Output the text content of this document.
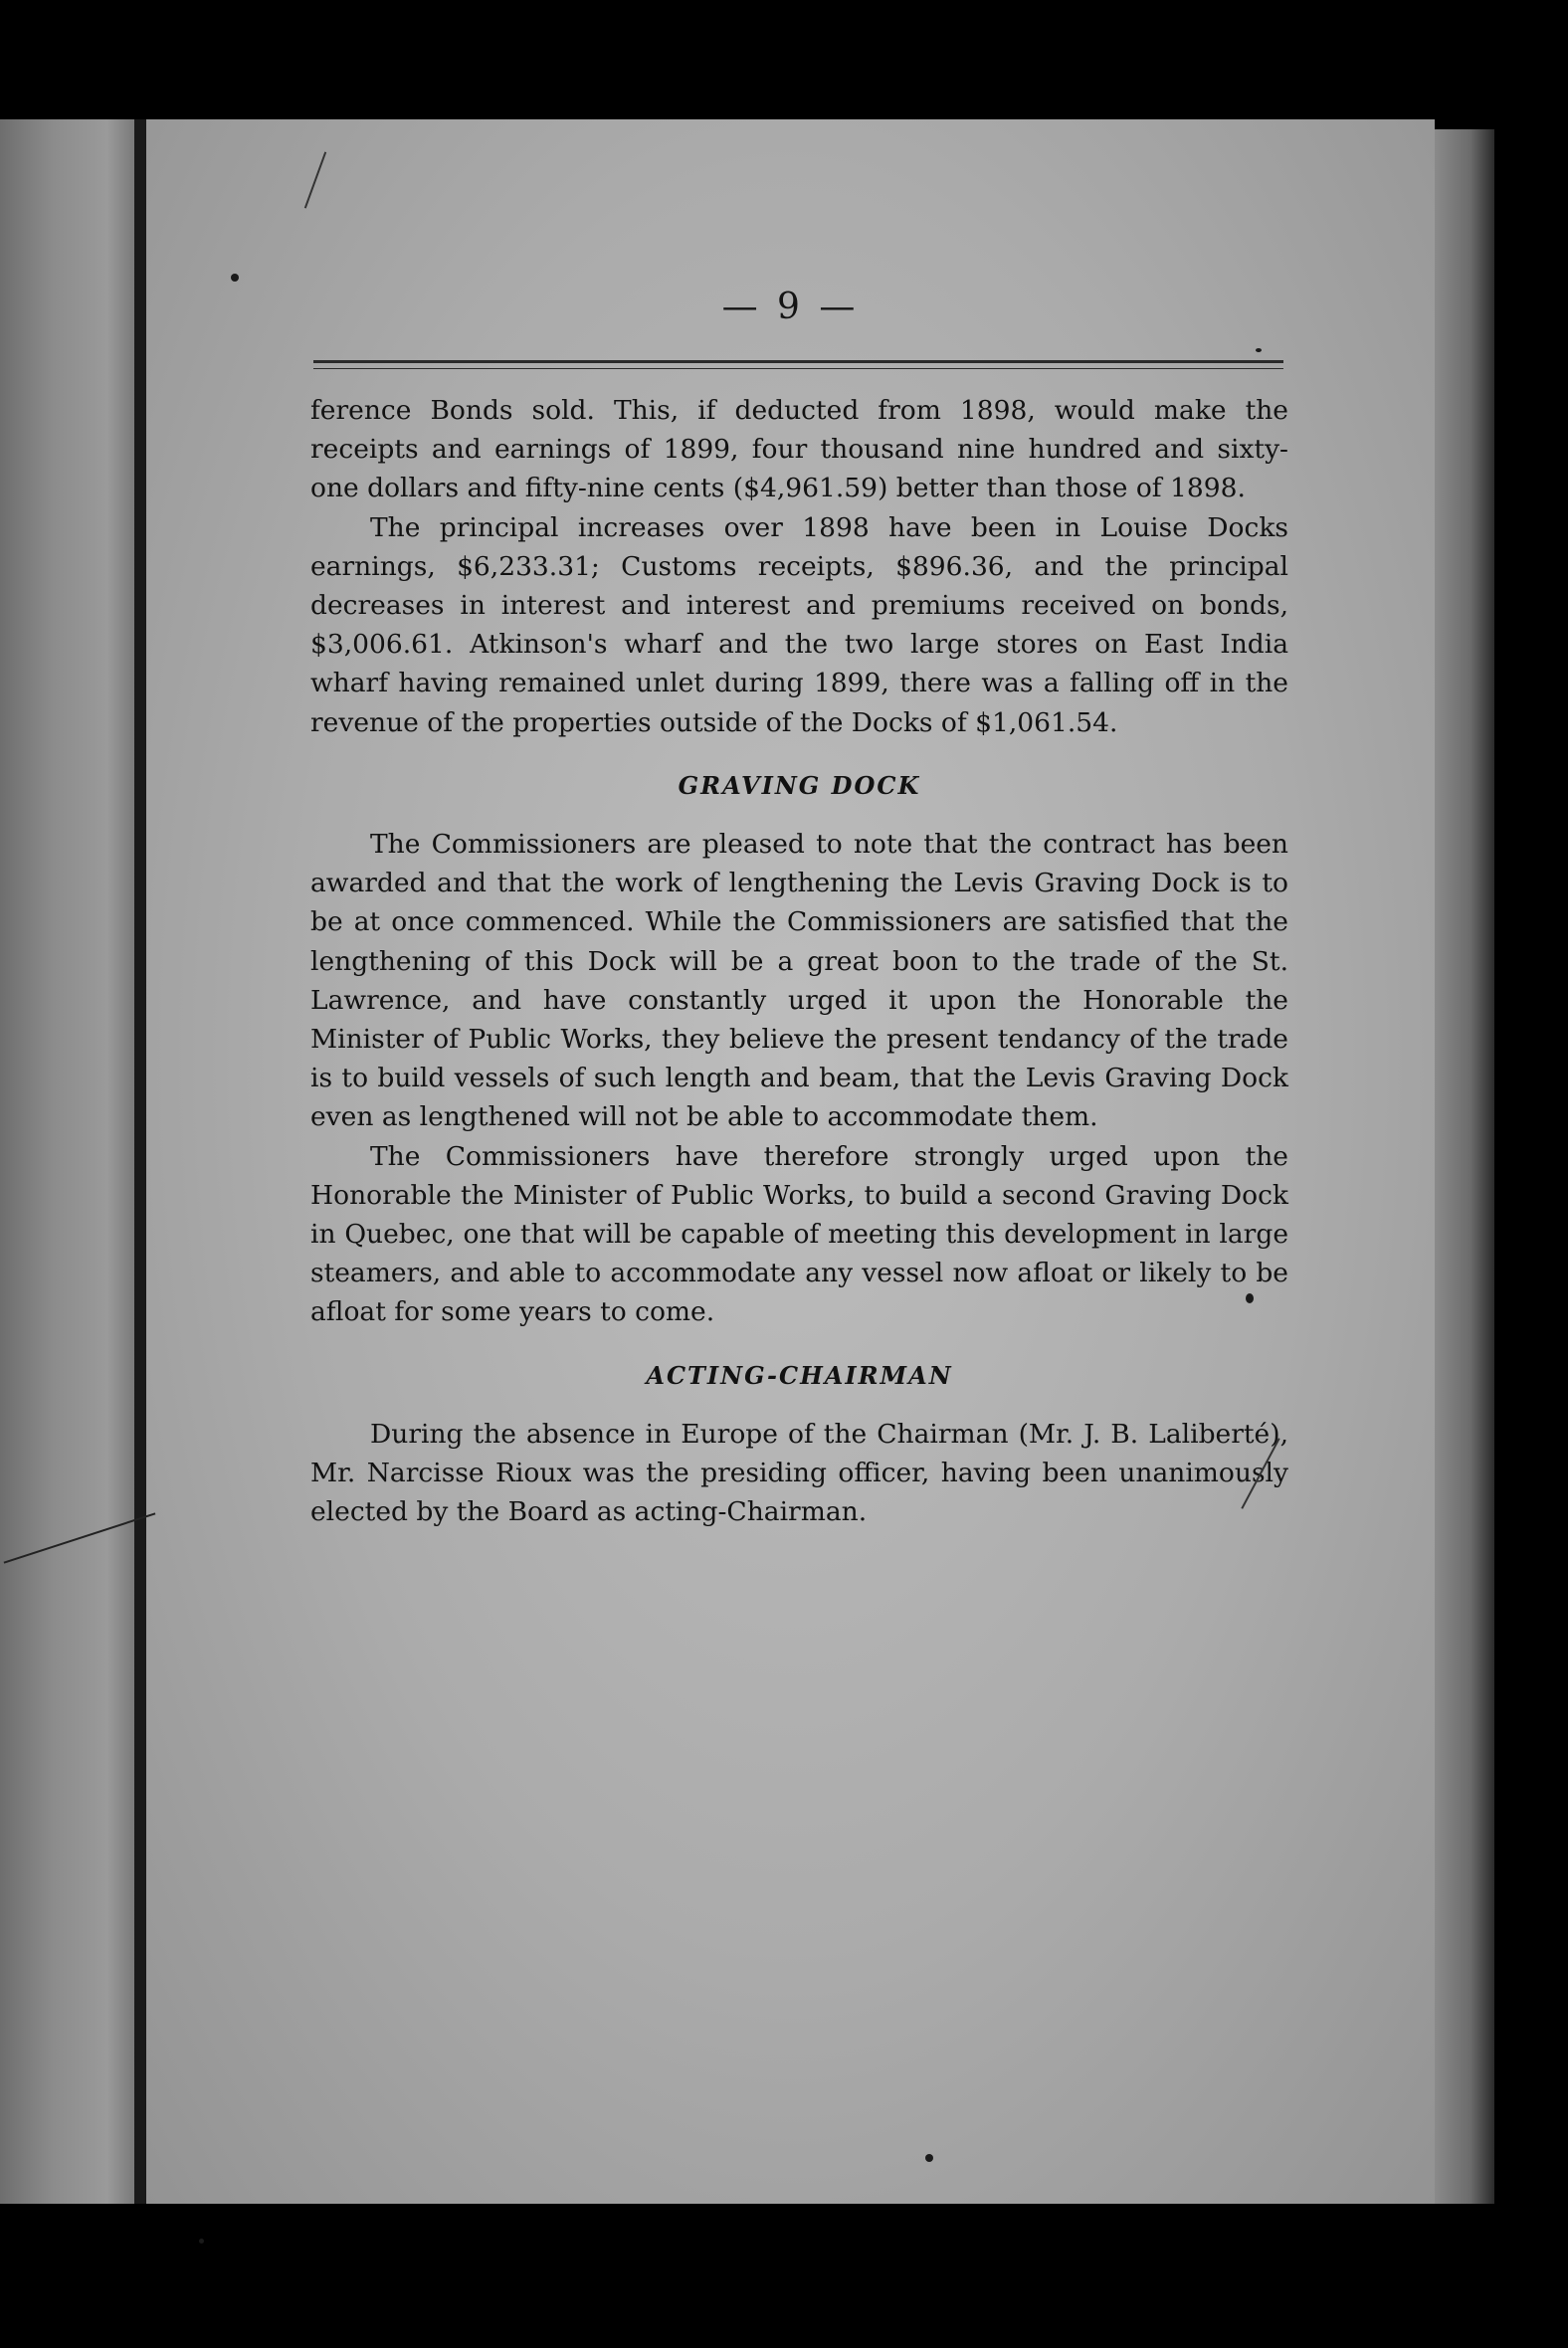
— 9 —

ference Bonds sold. This, if deducted from 1898, would make the receipts and earnings of 1899, four thousand nine hundred and sixty-one dollars and fifty-nine cents ($4,961.59) better than those of 1898.

The principal increases over 1898 have been in Louise Docks earnings, $6,233.31; Customs receipts, $896.36, and the principal decreases in interest and interest and premiums received on bonds, $3,006.61. Atkinson's wharf and the two large stores on East India wharf having remained unlet during 1899, there was a falling off in the revenue of the properties outside of the Docks of $1,061.54.

GRAVING DOCK

The Commissioners are pleased to note that the contract has been awarded and that the work of lengthening the Levis Graving Dock is to be at once commenced. While the Commissioners are satisfied that the lengthening of this Dock will be a great boon to the trade of the St. Lawrence, and have constantly urged it upon the Honorable the Minister of Public Works, they believe the present tendancy of the trade is to build vessels of such length and beam, that the Levis Graving Dock even as lengthened will not be able to accommodate them.

The Commissioners have therefore strongly urged upon the Honorable the Minister of Public Works, to build a second Graving Dock in Quebec, one that will be capable of meeting this development in large steamers, and able to accommodate any vessel now afloat or likely to be afloat for some years to come.

ACTING-CHAIRMAN

During the absence in Europe of the Chairman (Mr. J. B. Laliberté), Mr. Narcisse Rioux was the presiding officer, having been unanimously elected by the Board as acting-Chairman.
